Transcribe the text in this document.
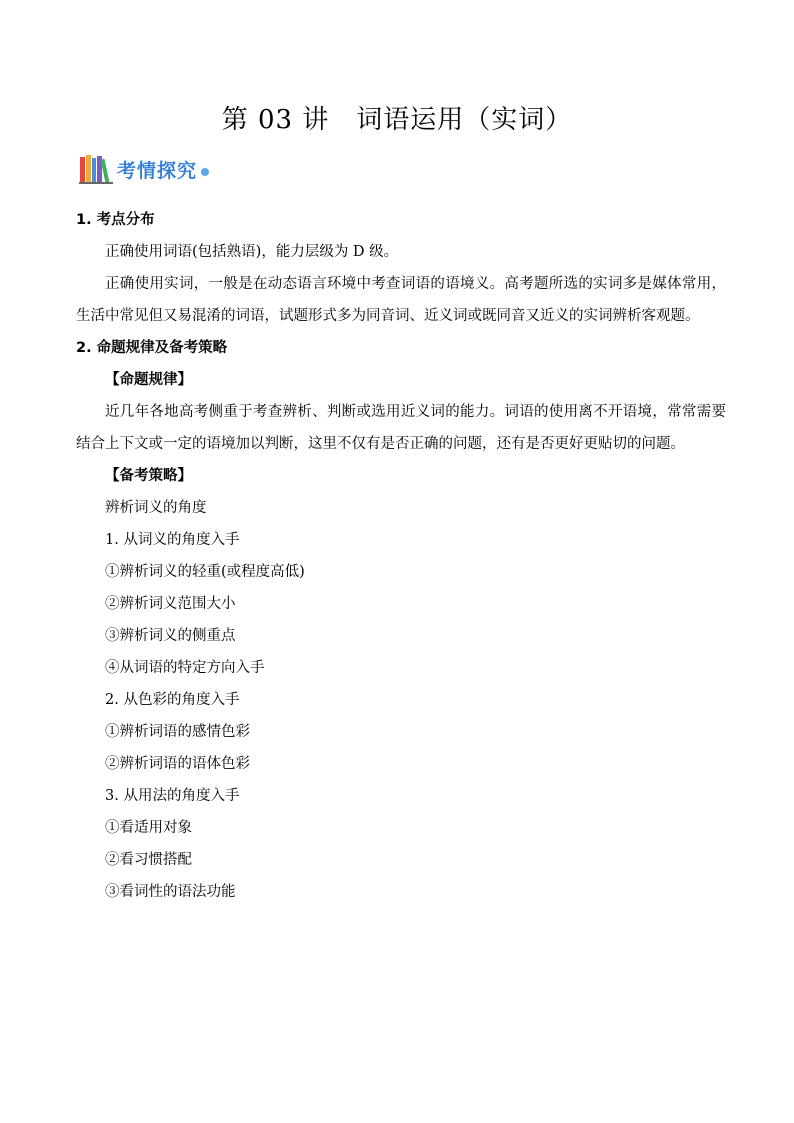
第 03 讲　词语运用（实词）
考情探究
1. 考点分布
正确使用词语(包括熟语)，能力层级为 D 级。
正确使用实词，一般是在动态语言环境中考查词语的语境义。高考题所选的实词多是媒体常用，生活中常见但又易混淆的词语，试题形式多为同音词、近义词或既同音又近义的实词辨析客观题。
2. 命题规律及备考策略
【命题规律】
近几年各地高考侧重于考查辨析、判断或选用近义词的能力。词语的使用离不开语境，常常需要结合上下文或一定的语境加以判断，这里不仅有是否正确的问题，还有是否更好更贴切的问题。
【备考策略】
辨析词义的角度
1. 从词义的角度入手
①辨析词义的轻重(或程度高低)
②辨析词义范围大小
③辨析词义的侧重点
④从词语的特定方向入手
2. 从色彩的角度入手
①辨析词语的感情色彩
②辨析词语的语体色彩
3. 从用法的角度入手
①看适用对象
②看习惯搭配
③看词性的语法功能
